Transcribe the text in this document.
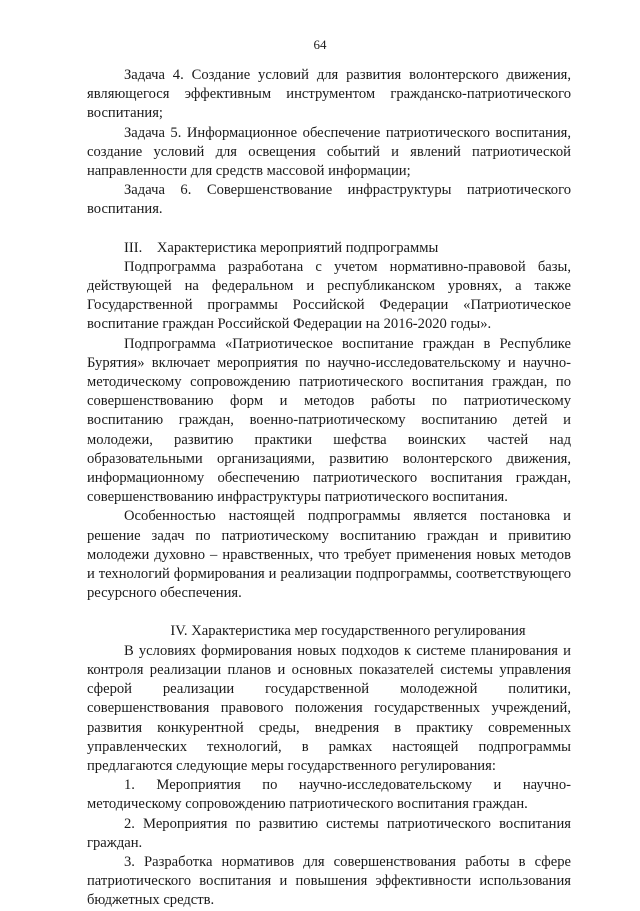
64

Задача 4. Создание условий для развития волонтерского движения, являющегося эффективным инструментом гражданско-патриотического воспитания;

Задача 5. Информационное обеспечение патриотического воспитания, создание условий для освещения событий и явлений патриотической направленности для средств массовой информации;

Задача 6. Совершенствование инфраструктуры патриотического воспитания.

III.    Характеристика мероприятий подпрограммы

Подпрограмма разработана с учетом нормативно-правовой базы, действующей на федеральном и республиканском уровнях, а также Государственной программы Российской Федерации «Патриотическое воспитание граждан Российской Федерации на 2016-2020 годы».

Подпрограмма «Патриотическое воспитание граждан в Республике Бурятия» включает мероприятия по научно-исследовательскому и научно-методическому сопровождению патриотического воспитания граждан, по совершенствованию форм и методов работы по патриотическому воспитанию граждан, военно-патриотическому воспитанию детей и молодежи, развитию практики шефства воинских частей над образовательными организациями, развитию волонтерского движения, информационному обеспечению патриотического воспитания граждан, совершенствованию инфраструктуры патриотического воспитания.

Особенностью настоящей подпрограммы является постановка и решение задач по патриотическому воспитанию граждан и привитию молодежи духовно – нравственных, что требует применения новых методов и технологий формирования и реализации подпрограммы, соответствующего ресурсного обеспечения.

IV. Характеристика мер государственного регулирования

В условиях формирования новых подходов к системе планирования и контроля реализации планов и основных показателей системы управления сферой реализации государственной молодежной политики, совершенствования правового положения государственных учреждений, развития конкурентной среды, внедрения в практику современных управленческих технологий, в рамках настоящей подпрограммы предлагаются следующие меры государственного регулирования:

1. Мероприятия по научно-исследовательскому и научно-методическому сопровождению патриотического воспитания граждан.

2. Мероприятия по развитию системы патриотического воспитания граждан.

3. Разработка нормативов для совершенствования работы в сфере патриотического воспитания и повышения эффективности использования бюджетных средств.
